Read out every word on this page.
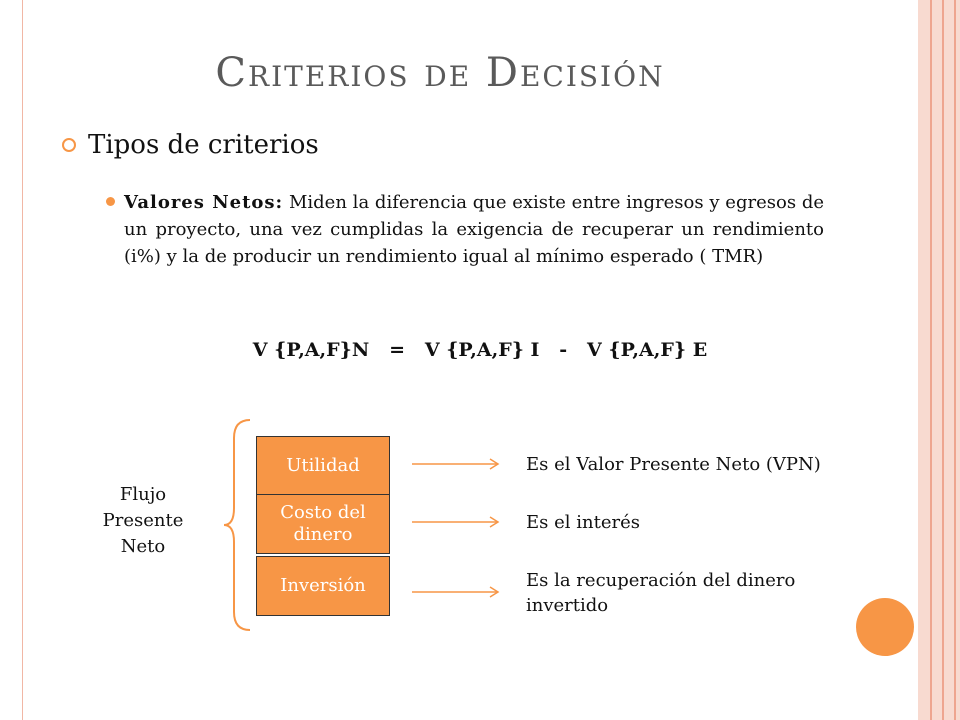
Criterios de Decisión
Tipos de criterios
Valores Netos: Miden la diferencia que existe entre ingresos y egresos de un proyecto, una vez cumplidas la exigencia de recuperar un rendimiento (i%) y la de producir un rendimiento igual al mínimo esperado ( TMR)
V {P,A,F}N   =   V {P,A,F} I   -   V {P,A,F} E
Flujo
Presente
Neto
Utilidad
Costo del dinero
Inversión
Es el Valor Presente Neto (VPN)
Es el interés
Es la recuperación del dinero invertido
